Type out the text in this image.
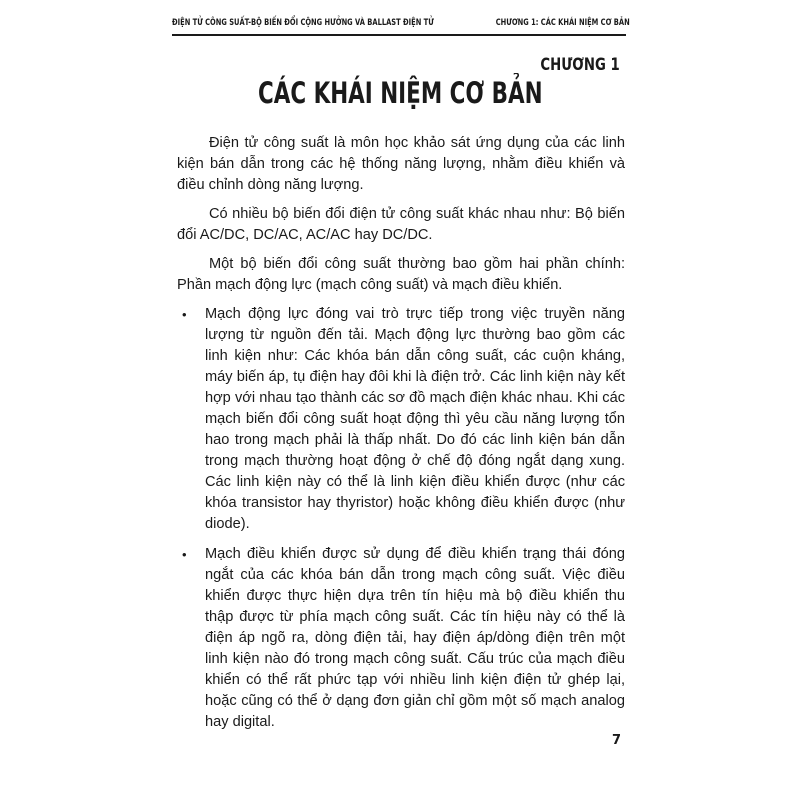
ĐIỆN TỬ CÔNG SUẤT-BỘ BIẾN ĐỔI CỘNG HƯỞNG VÀ BALLAST ĐIỆN TỬ	CHƯƠNG 1: CÁC KHÁI NIỆM CƠ BẢN
CHƯƠNG 1
CÁC KHÁI NIỆM CƠ BẢN

Điện tử công suất là môn học khảo sát ứng dụng của các linh kiện bán dẫn trong các hệ thống năng lượng, nhằm điều khiển và điều chỉnh dòng năng lượng.

Có nhiều bộ biến đổi điện tử công suất khác nhau như: Bộ biến đổi AC/DC, DC/AC, AC/AC hay DC/DC.

Một bộ biến đổi công suất thường bao gồm hai phần chính: Phần mạch động lực (mạch công suất) và mạch điều khiển.

• Mạch động lực đóng vai trò trực tiếp trong việc truyền năng lượng từ nguồn đến tải. Mạch động lực thường bao gồm các linh kiện như: Các khóa bán dẫn công suất, các cuộn kháng, máy biến áp, tụ điện hay đôi khi là điện trở. Các linh kiện này kết hợp với nhau tạo thành các sơ đồ mạch điện khác nhau. Khi các mạch biến đổi công suất hoạt động thì yêu cầu năng lượng tổn hao trong mạch phải là thấp nhất. Do đó các linh kiện bán dẫn trong mạch thường hoạt động ở chế độ đóng ngắt dạng xung. Các linh kiện này có thể là linh kiện điều khiển được (như các khóa transistor hay thyristor) hoặc không điều khiển được (như diode).
• Mạch điều khiển được sử dụng để điều khiển trạng thái đóng ngắt của các khóa bán dẫn trong mạch công suất. Việc điều khiển được thực hiện dựa trên tín hiệu mà bộ điều khiển thu thập được từ phía mạch công suất. Các tín hiệu này có thể là điện áp ngõ ra, dòng điện tải, hay điện áp/dòng điện trên một linh kiện nào đó trong mạch công suất. Cấu trúc của mạch điều khiển có thể rất phức tạp với nhiều linh kiện điện tử ghép lại, hoặc cũng có thể ở dạng đơn giản chỉ gồm một số mạch analog hay digital.
7
